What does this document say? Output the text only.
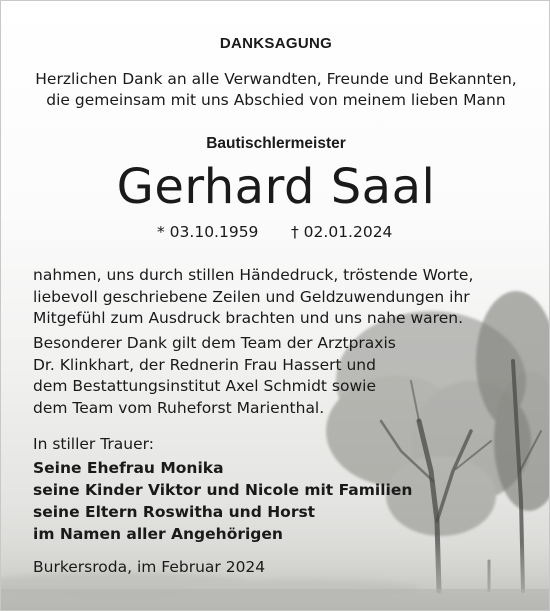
DANKSAGUNG
Herzlichen Dank an alle Verwandten, Freunde und Bekannten,
die gemeinsam mit uns Abschied von meinem lieben Mann
Bautischlermeister
Gerhard Saal
* 03.10.1959 † 02.01.2024
nahmen, uns durch stillen Händedruck, tröstende Worte,
liebevoll geschriebene Zeilen und Geldzuwendungen ihr
Mitgefühl zum Ausdruck brachten und uns nahe waren.
Besonderer Dank gilt dem Team der Arztpraxis
Dr. Klinkhart, der Rednerin Frau Hassert und
dem Bestattungsinstitut Axel Schmidt sowie
dem Team vom Ruheforst Marienthal.
In stiller Trauer:
Seine Ehefrau Monika
seine Kinder Viktor und Nicole mit Familien
seine Eltern Roswitha und Horst
im Namen aller Angehörigen
Burkersroda, im Februar 2024
